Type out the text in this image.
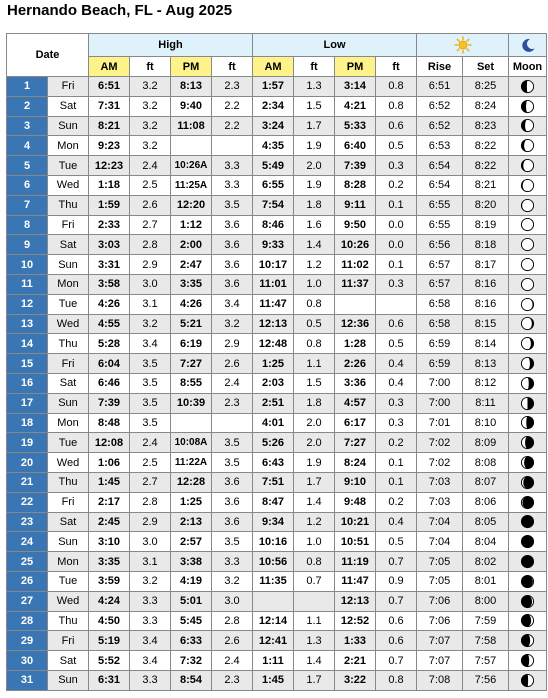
Hernando Beach, FL - Aug 2025
Date		High				Low	

		AM	ft	PM	ft	AM	ft	PM	ft	Rise	Set	Moon
1	Fri	6:51	3.2	8:13	2.3	1:57	1.3	3:14	0.8	6:51	8:25	

2	Sat	7:31	3.2	9:40	2.2	2:34	1.5	4:21	0.8	6:52	8:24	

3	Sun	8:21	3.2	11:08	2.2	3:24	1.7	5:33	0.6	6:52	8:23	

4	Mon	9:23	3.2			4:35	1.9	6:40	0.5	6:53	8:22	

5	Tue	12:23	2.4	10:26A	3.3	5:49	2.0	7:39	0.3	6:54	8:22	

6	Wed	1:18	2.5	11:25A	3.3	6:55	1.9	8:28	0.2	6:54	8:21	

7	Thu	1:59	2.6	12:20	3.5	7:54	1.8	9:11	0.1	6:55	8:20	

8	Fri	2:33	2.7	1:12	3.6	8:46	1.6	9:50	0.0	6:55	8:19	

9	Sat	3:03	2.8	2:00	3.6	9:33	1.4	10:26	0.0	6:56	8:18	

10	Sun	3:31	2.9	2:47	3.6	10:17	1.2	11:02	0.1	6:57	8:17	

11	Mon	3:58	3.0	3:35	3.6	11:01	1.0	11:37	0.3	6:57	8:16	

12	Tue	4:26	3.1	4:26	3.4	11:47	0.8			6:58	8:16	

13	Wed	4:55	3.2	5:21	3.2	12:13	0.5	12:36	0.6	6:58	8:15	

14	Thu	5:28	3.4	6:19	2.9	12:48	0.8	1:28	0.5	6:59	8:14	

15	Fri	6:04	3.5	7:27	2.6	1:25	1.1	2:26	0.4	6:59	8:13	

16	Sat	6:46	3.5	8:55	2.4	2:03	1.5	3:36	0.4	7:00	8:12	

17	Sun	7:39	3.5	10:39	2.3	2:51	1.8	4:57	0.3	7:00	8:11	

18	Mon	8:48	3.5			4:01	2.0	6:17	0.3	7:01	8:10	

19	Tue	12:08	2.4	10:08A	3.5	5:26	2.0	7:27	0.2	7:02	8:09	

20	Wed	1:06	2.5	11:22A	3.5	6:43	1.9	8:24	0.1	7:02	8:08	

21	Thu	1:45	2.7	12:28	3.6	7:51	1.7	9:10	0.1	7:03	8:07	

22	Fri	2:17	2.8	1:25	3.6	8:47	1.4	9:48	0.2	7:03	8:06	

23	Sat	2:45	2.9	2:13	3.6	9:34	1.2	10:21	0.4	7:04	8:05	

24	Sun	3:10	3.0	2:57	3.5	10:16	1.0	10:51	0.5	7:04	8:04	

25	Mon	3:35	3.1	3:38	3.3	10:56	0.8	11:19	0.7	7:05	8:02	

26	Tue	3:59	3.2	4:19	3.2	11:35	0.7	11:47	0.9	7:05	8:01	

27	Wed	4:24	3.3	5:01	3.0			12:13	0.7	7:06	8:00	

28	Thu	4:50	3.3	5:45	2.8	12:14	1.1	12:52	0.6	7:06	7:59	

29	Fri	5:19	3.4	6:33	2.6	12:41	1.3	1:33	0.6	7:07	7:58	

30	Sat	5:52	3.4	7:32	2.4	1:11	1.4	2:21	0.7	7:07	7:57	

31	Sun	6:31	3.3	8:54	2.3	1:45	1.7	3:22	0.8	7:08	7:56	
